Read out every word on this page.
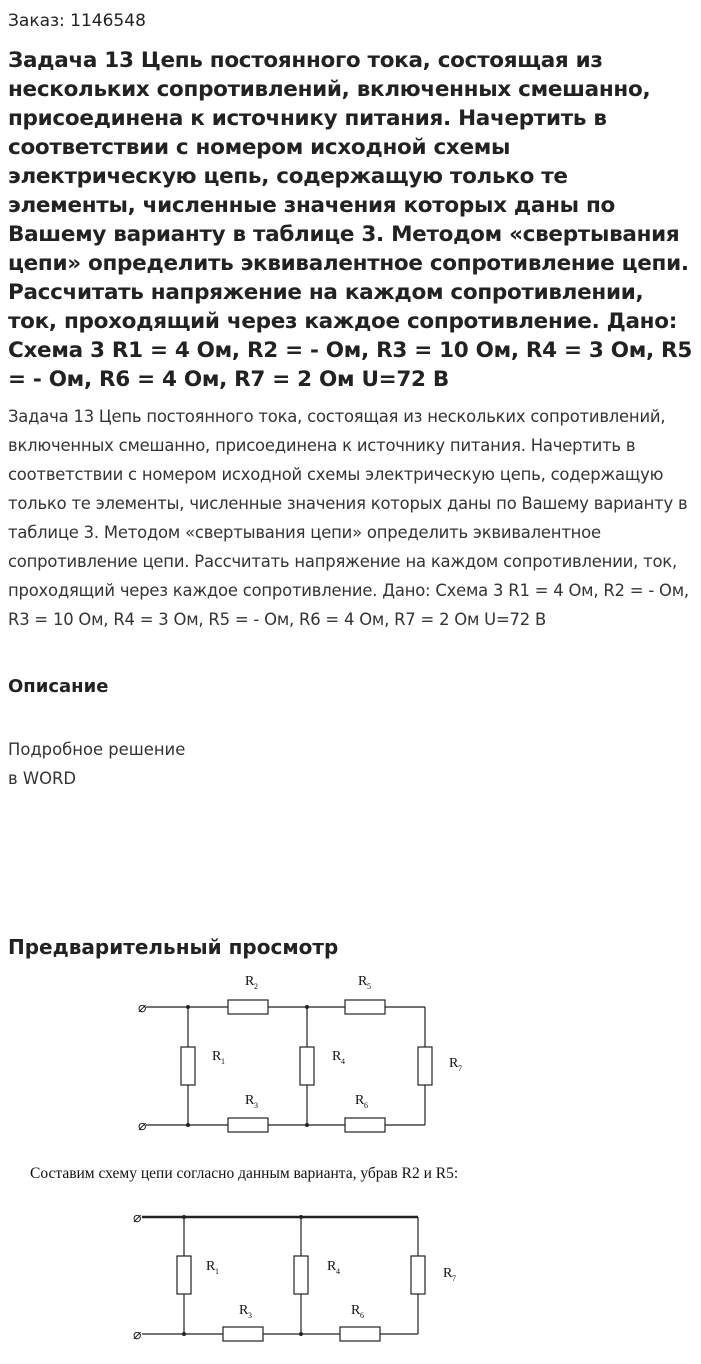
Заказ: 1146548
Задача 13 Цепь постоянного тока, состоящая из нескольких сопротивлений, включенных смешанно, присоединена к источнику питания. Начертить в соответствии с номером исходной схемы электрическую цепь, содержащую только те элементы, численные значения которых даны по Вашему варианту в таблице 3. Методом «свертывания цепи» определить эквивалентное сопротивление цепи. Рассчитать напряжение на каждом сопротивлении, ток, проходящий через каждое сопротивление. Дано: Схема 3 R1 = 4 Ом, R2 = - Ом, R3 = 10 Ом, R4 = 3 Ом, R5 = - Ом, R6 = 4 Ом, R7 = 2 Ом U=72 В

Задача 13 Цепь постоянного тока, состоящая из нескольких сопротивлений, включенных смешанно, присоединена к источнику питания. Начертить в соответствии с номером исходной схемы электрическую цепь, содержащую только те элементы, численные значения которых даны по Вашему варианту в таблице 3. Методом «свертывания цепи» определить эквивалентное сопротивление цепи. Рассчитать напряжение на каждом сопротивлении, ток, проходящий через каждое сопротивление. Дано: Схема 3 R1 = 4 Ом, R2 = - Ом, R3 = 10 Ом, R4 = 3 Ом, R5 = - Ом, R6 = 4 Ом, R7 = 2 Ом U=72 В

Описание
Подробное решение
в WORD
Предварительный просмотр
⌀
⌀
R 2	R 5
R 1	R 4	R 7
R 3	R 6
⌀
⌀
R 1	R 4	R 7
R 3	R 6
Составим схему цепи согласно данным варианта, убрав R2 и R5:
